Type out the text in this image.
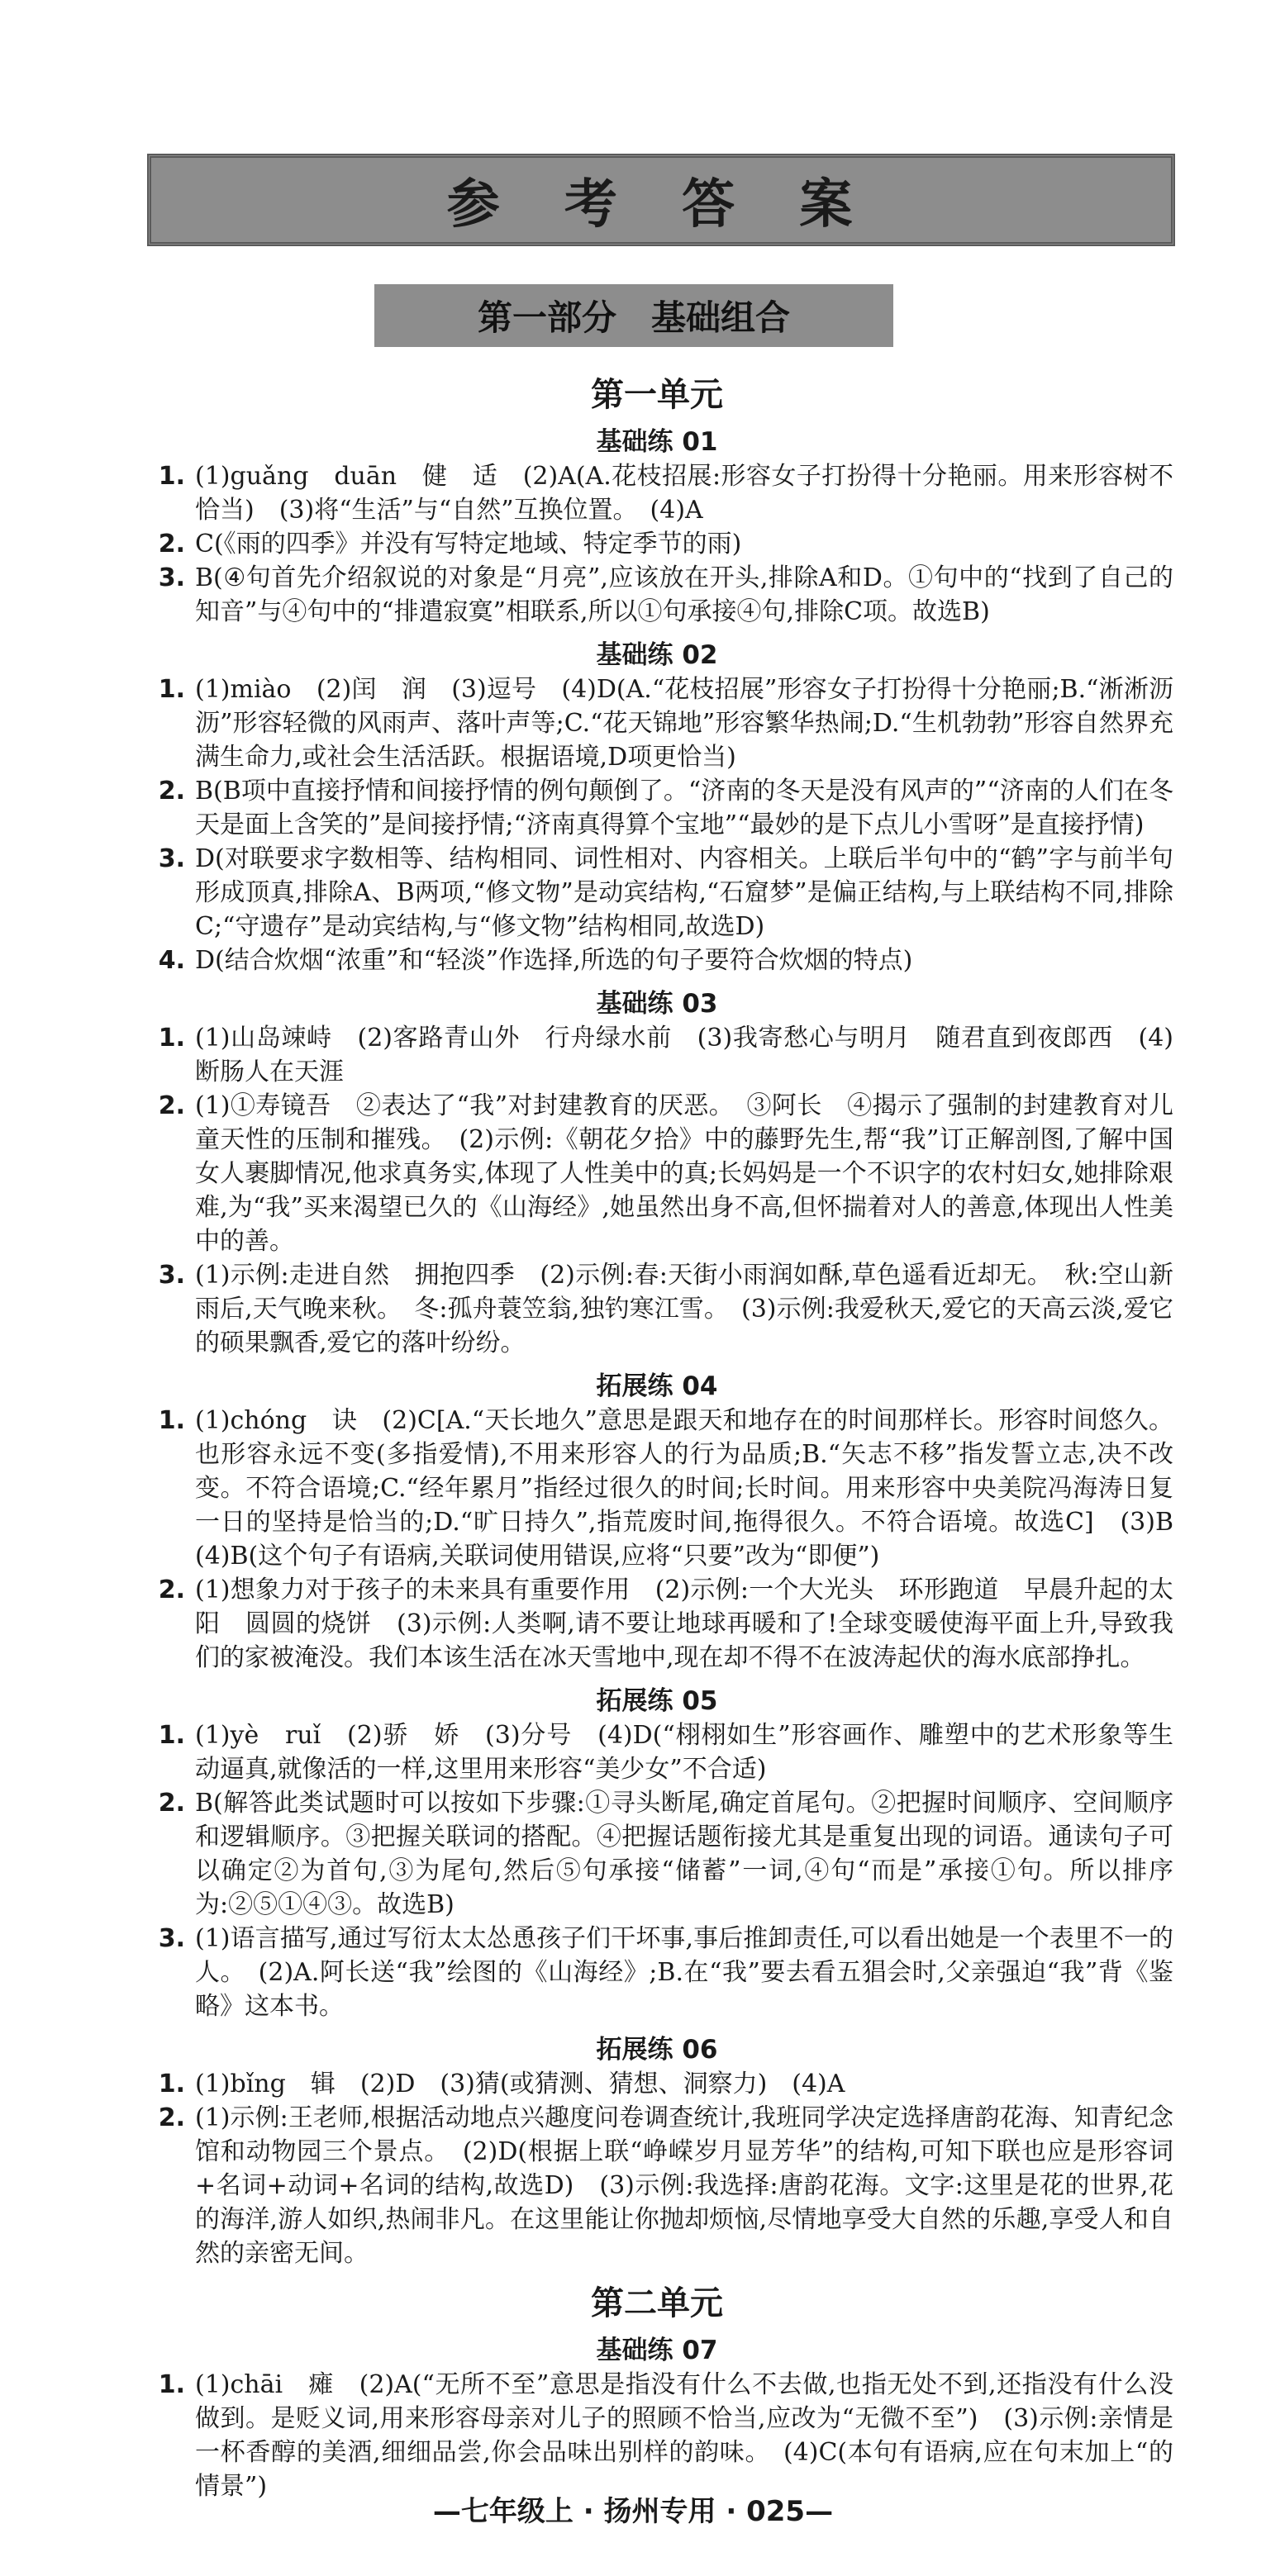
参 考 答 案
第一部分　基础组合
第一单元
基础练 01
1. (1)guǎng　duān　健　适　(2)A(A.花枝招展:形容女子打扮得十分艳丽。用来形容树不恰当)　(3)将“生活”与“自然”互换位置。　(4)A
2. C(《雨的四季》并没有写特定地域、特定季节的雨)
3. B(④句首先介绍叙说的对象是“月亮”,应该放在开头,排除A和D。①句中的“找到了自己的知音”与④句中的“排遣寂寞”相联系,所以①句承接④句,排除C项。故选B)
基础练 02
1. (1)miào　(2)闰　润　(3)逗号　(4)D(A.“花枝招展”形容女子打扮得十分艳丽;B.“淅淅沥沥”形容轻微的风雨声、落叶声等;C.“花天锦地”形容繁华热闹;D.“生机勃勃”形容自然界充满生命力,或社会生活活跃。根据语境,D项更恰当)
2. B(B项中直接抒情和间接抒情的例句颠倒了。“济南的冬天是没有风声的”“济南的人们在冬天是面上含笑的”是间接抒情;“济南真得算个宝地”“最妙的是下点儿小雪呀”是直接抒情)
3. D(对联要求字数相等、结构相同、词性相对、内容相关。上联后半句中的“鹤”字与前半句形成顶真,排除A、B两项,“修文物”是动宾结构,“石窟梦”是偏正结构,与上联结构不同,排除C;“守遗存”是动宾结构,与“修文物”结构相同,故选D)
4. D(结合炊烟“浓重”和“轻淡”作选择,所选的句子要符合炊烟的特点)
基础练 03
1. (1)山岛竦峙　(2)客路青山外　行舟绿水前　(3)我寄愁心与明月　随君直到夜郎西　(4)断肠人在天涯
2. (1)①寿镜吾　②表达了“我”对封建教育的厌恶。　③阿长　④揭示了强制的封建教育对儿童天性的压制和摧残。　(2)示例:《朝花夕拾》中的藤野先生,帮“我”订正解剖图,了解中国女人裹脚情况,他求真务实,体现了人性美中的真;长妈妈是一个不识字的农村妇女,她排除艰难,为“我”买来渴望已久的《山海经》,她虽然出身不高,但怀揣着对人的善意,体现出人性美中的善。
3. (1)示例:走进自然　拥抱四季　(2)示例:春:天街小雨润如酥,草色遥看近却无。　秋:空山新雨后,天气晚来秋。　冬:孤舟蓑笠翁,独钓寒江雪。　(3)示例:我爱秋天,爱它的天高云淡,爱它的硕果飘香,爱它的落叶纷纷。
拓展练 04
1. (1)chóng　诀　(2)C[A.“天长地久”意思是跟天和地存在的时间那样长。形容时间悠久。也形容永远不变(多指爱情),不用来形容人的行为品质;B.“矢志不移”指发誓立志,决不改变。不符合语境;C.“经年累月”指经过很久的时间;长时间。用来形容中央美院冯海涛日复一日的坚持是恰当的;D.“旷日持久”,指荒废时间,拖得很久。不符合语境。故选C]　(3)B　(4)B(这个句子有语病,关联词使用错误,应将“只要”改为“即便”)
2. (1)想象力对于孩子的未来具有重要作用　(2)示例:一个大光头　环形跑道　早晨升起的太阳　圆圆的烧饼　(3)示例:人类啊,请不要让地球再暖和了!全球变暖使海平面上升,导致我们的家被淹没。我们本该生活在冰天雪地中,现在却不得不在波涛起伏的海水底部挣扎。
拓展练 05
1. (1)yè　ruǐ　(2)骄　娇　(3)分号　(4)D(“栩栩如生”形容画作、雕塑中的艺术形象等生动逼真,就像活的一样,这里用来形容“美少女”不合适)
2. B(解答此类试题时可以按如下步骤:①寻头断尾,确定首尾句。②把握时间顺序、空间顺序和逻辑顺序。③把握关联词的搭配。④把握话题衔接尤其是重复出现的词语。通读句子可以确定②为首句,③为尾句,然后⑤句承接“储蓄”一词,④句“而是”承接①句。所以排序为:②⑤①④③。故选B)
3. (1)语言描写,通过写衍太太怂恿孩子们干坏事,事后推卸责任,可以看出她是一个表里不一的人。　(2)A.阿长送“我”绘图的《山海经》;B.在“我”要去看五猖会时,父亲强迫“我”背《鉴略》这本书。
拓展练 06
1. (1)bǐng　辑　(2)D　(3)猜(或猜测、猜想、洞察力)　(4)A
2. (1)示例:王老师,根据活动地点兴趣度问卷调查统计,我班同学决定选择唐韵花海、知青纪念馆和动物园三个景点。　(2)D(根据上联“峥嵘岁月显芳华”的结构,可知下联也应是形容词+名词+动词+名词的结构,故选D)　(3)示例:我选择:唐韵花海。文字:这里是花的世界,花的海洋,游人如织,热闹非凡。在这里能让你抛却烦恼,尽情地享受大自然的乐趣,享受人和自然的亲密无间。
第二单元
基础练 07
1. (1)chāi　瘫　(2)A(“无所不至”意思是指没有什么不去做,也指无处不到,还指没有什么没做到。是贬义词,用来形容母亲对儿子的照顾不恰当,应改为“无微不至”)　(3)示例:亲情是一杯香醇的美酒,细细品尝,你会品味出别样的韵味。　(4)C(本句有语病,应在句末加上“的情景”)
—七年级上 · 扬州专用 · 025—
